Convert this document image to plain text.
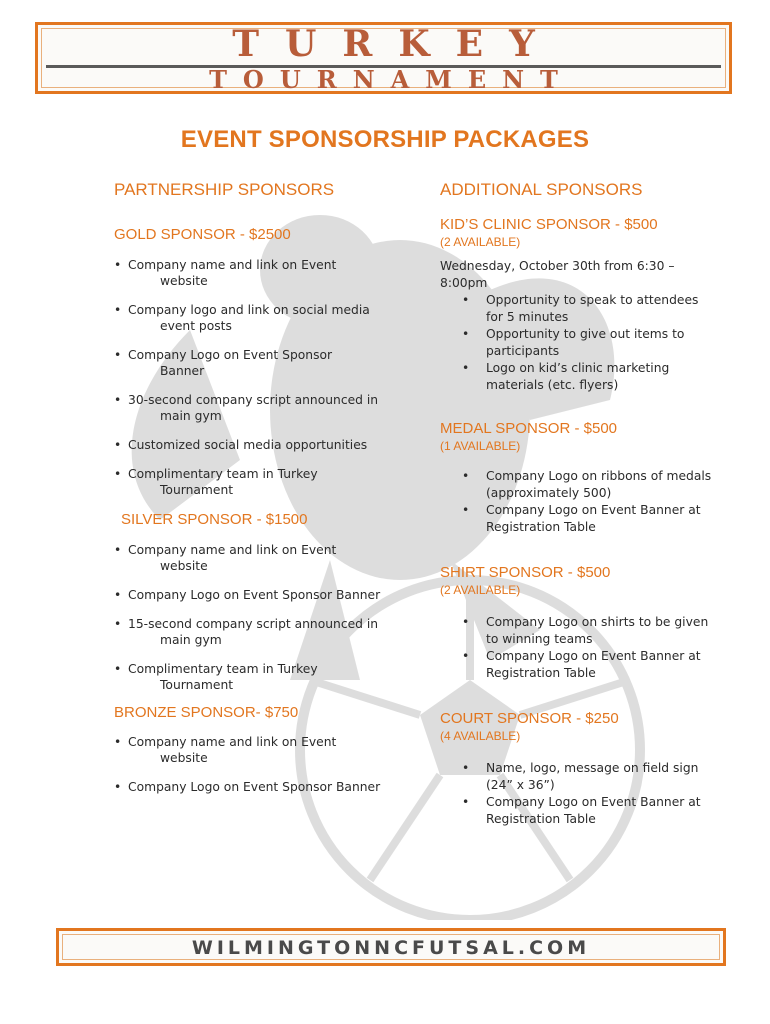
TURKEY
TOURNAMENT
EVENT SPONSORSHIP PACKAGES
PARTNERSHIP SPONSORS
GOLD SPONSOR - $2500
• Company name and link on Event
website
• Company logo and link on social media
event posts
• Company Logo on Event Sponsor
Banner
• 30-second company script announced in
main gym
• Customized social media opportunities
• Complimentary team in Turkey
Tournament
SILVER SPONSOR - $1500
• Company name and link on Event
website
• Company Logo on Event Sponsor Banner
• 15-second company script announced in
main gym
• Complimentary team in Turkey
Tournament
BRONZE SPONSOR- $750
• Company name and link on Event
website
• Company Logo on Event Sponsor Banner
ADDITIONAL SPONSORS
KID’S CLINIC SPONSOR - $500
(2 AVAILABLE)
Wednesday, October 30th from 6:30 –
8:00pm
• Opportunity to speak to attendees
for 5 minutes
• Opportunity to give out items to
participants
• Logo on kid’s clinic marketing
materials (etc. flyers)
MEDAL SPONSOR - $500
(1 AVAILABLE)
• Company Logo on ribbons of medals
(approximately 500)
• Company Logo on Event Banner at
Registration Table
SHIRT SPONSOR - $500
(2 AVAILABLE)
• Company Logo on shirts to be given
to winning teams
• Company Logo on Event Banner at
Registration Table
COURT SPONSOR - $250
(4 AVAILABLE)
• Name, logo, message on field sign
(24” x 36”)
• Company Logo on Event Banner at
Registration Table
WILMINGTONNCFUTSAL.COM
